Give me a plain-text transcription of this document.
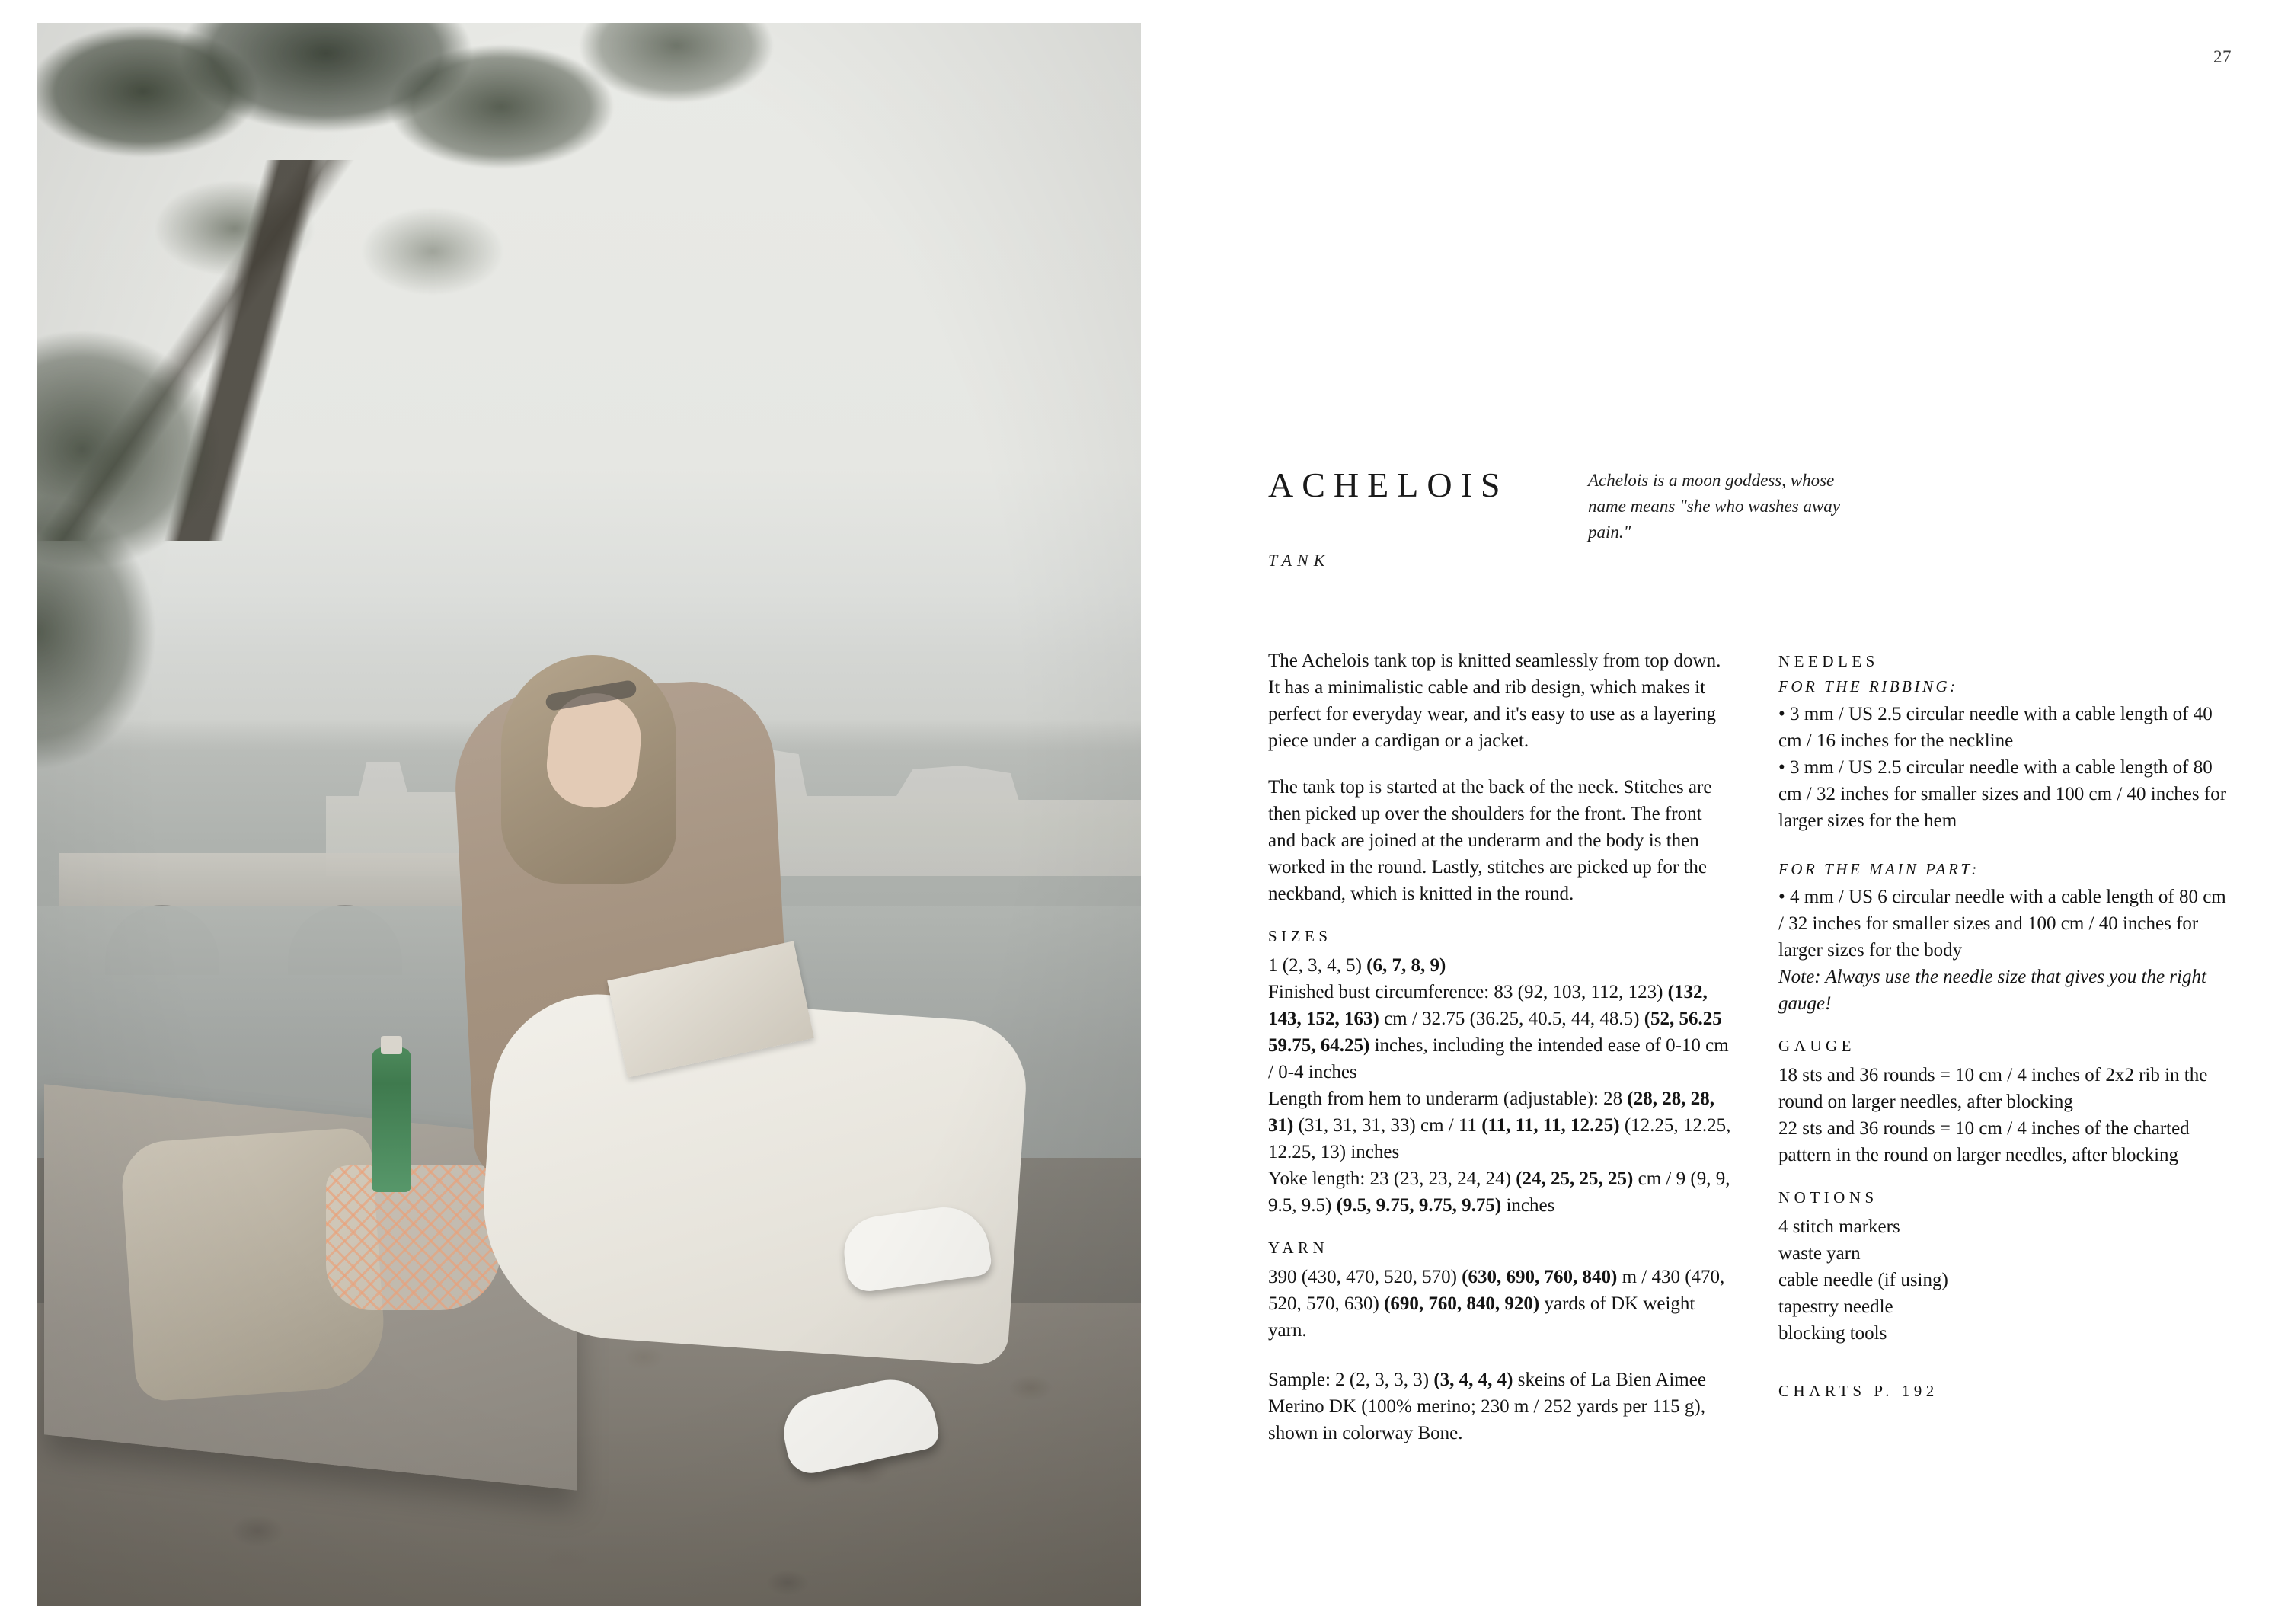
27
ACHELOIS
TANK
Achelois is a moon goddess, whose name means "she who washes away pain."

The Achelois tank top is knitted seamlessly from top down. It has a minimalistic cable and rib design, which makes it perfect for everyday wear, and it's easy to use as a layering piece under a cardigan or a jacket.

The tank top is started at the back of the neck. Stitches are then picked up over the shoulders for the front. The front and back are joined at the underarm and the body is then worked in the round. Lastly, stitches are picked up for the neckband, which is knitted in the round.

SIZES

1 (2, 3, 4, 5) (6, 7, 8, 9)

Finished bust circumference: 83 (92, 103, 112, 123) (132, 143, 152, 163) cm / 32.75 (36.25, 40.5, 44, 48.5) (52, 56.25 59.75, 64.25) inches, including the intended ease of 0-10 cm / 0-4 inches

Length from hem to underarm (adjustable): 28 (28, 28, 28, 31) (31, 31, 31, 33) cm / 11 (11, 11, 11, 12.25) (12.25, 12.25, 12.25, 13) inches

Yoke length: 23 (23, 23, 24, 24) (24, 25, 25, 25) cm / 9 (9, 9, 9.5, 9.5) (9.5, 9.75, 9.75, 9.75) inches

YARN

390 (430, 470, 520, 570) (630, 690, 760, 840) m / 430 (470, 520, 570, 630) (690, 760, 840, 920) yards of DK weight yarn.

Sample: 2 (2, 3, 3, 3) (3, 4, 4, 4) skeins of La Bien Aimee Merino DK (100% merino; 230 m / 252 yards per 115 g), shown in colorway Bone.

NEEDLES
FOR THE RIBBING:

• 3 mm / US 2.5 circular needle with a cable length of 40 cm / 16 inches for the neckline

• 3 mm / US 2.5 circular needle with a cable length of 80 cm / 32 inches for smaller sizes and 100 cm / 40 inches for larger sizes for the hem

FOR THE MAIN PART:

• 4 mm / US 6 circular needle with a cable length of 80 cm / 32 inches for smaller sizes and 100 cm / 40 inches for larger sizes for the body

Note: Always use the needle size that gives you the right gauge!

GAUGE

18 sts and 36 rounds = 10 cm / 4 inches of 2x2 rib in the round on larger needles, after blocking

22 sts and 36 rounds = 10 cm / 4 inches of the charted pattern in the round on larger needles, after blocking

NOTIONS

4 stitch markers

waste yarn

cable needle (if using)

tapestry needle

blocking tools

CHARTS P. 192
